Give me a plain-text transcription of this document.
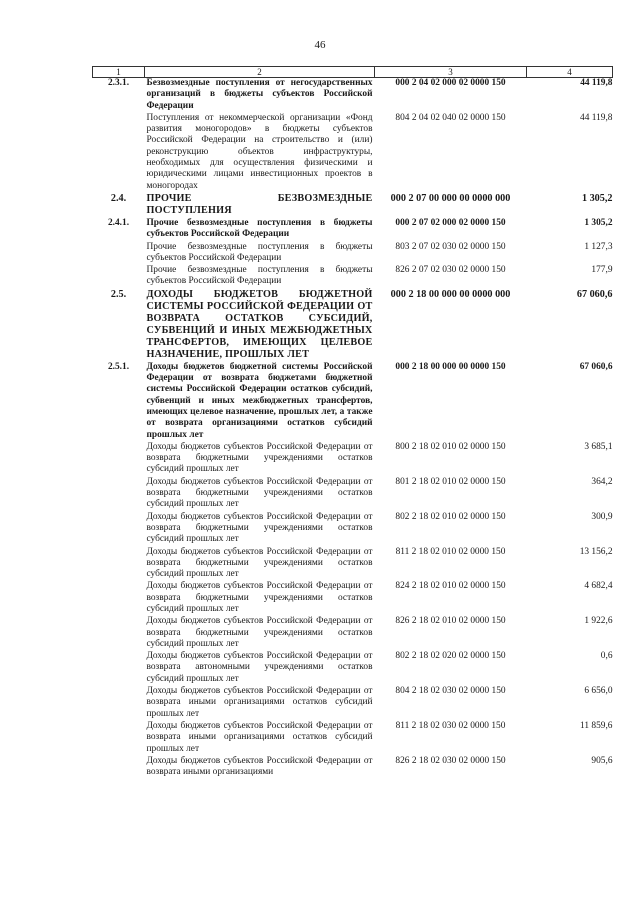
46
1	2	3	4
2.3.1.	Безвозмездные поступления от негосударственных организаций в бюджеты субъектов Российской Федерации	000 2 04 02 000 02 0000 150	44 119,8
	Поступления от некоммерческой организации «Фонд развития моногородов» в бюджеты субъектов Российской Федерации на строительство и (или) реконструкцию объектов инфраструктуры, необходимых для осуществления физическими и юридическими лицами инвестиционных проектов в моногородах	804 2 04 02 040 02 0000 150	44 119,8
2.4.	ПРОЧИЕ БЕЗВОЗМЕЗДНЫЕ ПОСТУПЛЕНИЯ	000 2 07 00 000 00 0000 000	1 305,2
2.4.1.	Прочие безвозмездные поступления в бюджеты субъектов Российской Федерации	000 2 07 02 000 02 0000 150	1 305,2
	Прочие безвозмездные поступления в бюджеты субъектов Российской Федерации	803 2 07 02 030 02 0000 150	1 127,3
	Прочие безвозмездные поступления в бюджеты субъектов Российской Федерации	826 2 07 02 030 02 0000 150	177,9
2.5.	ДОХОДЫ БЮДЖЕТОВ БЮДЖЕТНОЙ СИСТЕМЫ РОССИЙСКОЙ ФЕДЕРАЦИИ ОТ ВОЗВРАТА ОСТАТКОВ СУБСИДИЙ, СУБВЕНЦИЙ И ИНЫХ МЕЖБЮДЖЕТНЫХ ТРАНСФЕРТОВ, ИМЕЮЩИХ ЦЕЛЕВОЕ НАЗНАЧЕНИЕ, ПРОШЛЫХ ЛЕТ	000 2 18 00 000 00 0000 000	67 060,6
2.5.1.	Доходы бюджетов бюджетной системы Российской Федерации от возврата бюджетами бюджетной системы Российской Федерации остатков субсидий, субвенций и иных межбюджетных трансфертов, имеющих целевое назначение, прошлых лет, а также от возврата организациями остатков субсидий прошлых лет	000 2 18 00 000 00 0000 150	67 060,6
	Доходы бюджетов субъектов Российской Федерации от возврата бюджетными учреждениями остатков субсидий прошлых лет	800 2 18 02 010 02 0000 150	3 685,1
	Доходы бюджетов субъектов Российской Федерации от возврата бюджетными учреждениями остатков субсидий прошлых лет	801 2 18 02 010 02 0000 150	364,2
	Доходы бюджетов субъектов Российской Федерации от возврата бюджетными учреждениями остатков субсидий прошлых лет	802 2 18 02 010 02 0000 150	300,9
	Доходы бюджетов субъектов Российской Федерации от возврата бюджетными учреждениями остатков субсидий прошлых лет	811 2 18 02 010 02 0000 150	13 156,2
	Доходы бюджетов субъектов Российской Федерации от возврата бюджетными учреждениями остатков субсидий прошлых лет	824 2 18 02 010 02 0000 150	4 682,4
	Доходы бюджетов субъектов Российской Федерации от возврата бюджетными учреждениями остатков субсидий прошлых лет	826 2 18 02 010 02 0000 150	1 922,6
	Доходы бюджетов субъектов Российской Федерации от возврата автономными учреждениями остатков субсидий прошлых лет	802 2 18 02 020 02 0000 150	0,6
	Доходы бюджетов субъектов Российской Федерации от возврата иными организациями остатков субсидий прошлых лет	804 2 18 02 030 02 0000 150	6 656,0
	Доходы бюджетов субъектов Российской Федерации от возврата иными организациями остатков субсидий прошлых лет	811 2 18 02 030 02 0000 150	11 859,6
	Доходы бюджетов субъектов Российской Федерации от возврата иными организациями	826 2 18 02 030 02 0000 150	905,6
